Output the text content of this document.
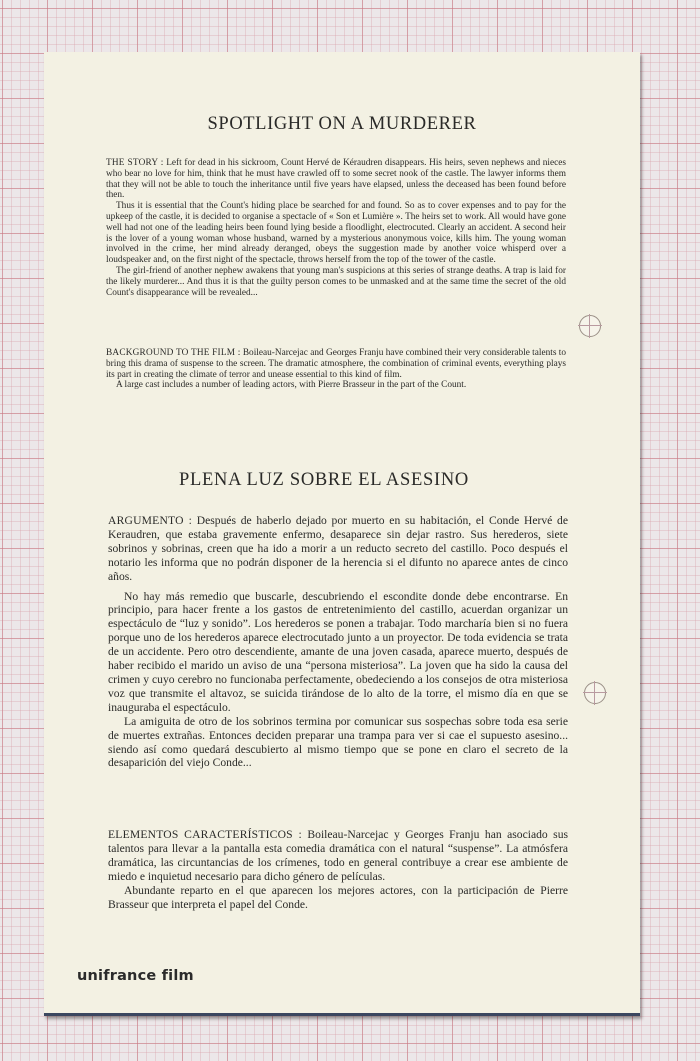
SPOTLIGHT ON A MURDERER

THE STORY : Left for dead in his sickroom, Count Hervé de Kéraudren disappears. His heirs, seven nephews and nieces who bear no love for him, think that he must have crawled off to some secret nook of the castle. The lawyer informs them that they will not be able to touch the inheritance until five years have elapsed, unless the deceased has been found before then.

Thus it is essential that the Count's hiding place be searched for and found. So as to cover expenses and to pay for the upkeep of the castle, it is decided to organise a spectacle of « Son et Lumière ». The heirs set to work. All would have gone well had not one of the leading heirs been found lying beside a floodlight, electrocuted. Clearly an accident. A second heir is the lover of a young woman whose husband, warned by a mysterious anonymous voice, kills him. The young woman involved in the crime, her mind already deranged, obeys the suggestion made by another voice whisperd over a loudspeaker and, on the first night of the spectacle, throws herself from the top of the tower of the castle.

The girl-friend of another nephew awakens that young man's suspicions at this series of strange deaths. A trap is laid for the likely murderer... And thus it is that the guilty person comes to be unmasked and at the same time the secret of the old Count's disappearance will be revealed...

BACKGROUND TO THE FILM : Boileau-Narcejac and Georges Franju have combined their very considerable talents to bring this drama of suspense to the screen. The dramatic atmosphere, the combination of criminal events, everything plays its part in creating the climate of terror and unease essential to this kind of film.

A large cast includes a number of leading actors, with Pierre Brasseur in the part of the Count.

PLENA LUZ SOBRE EL ASESINO

ARGUMENTO : Después de haberlo dejado por muerto en su habitación, el Conde Hervé de Keraudren, que estaba gravemente enfermo, desaparece sin dejar rastro. Sus herederos, siete sobrinos y sobrinas, creen que ha ido a morir a un reducto secreto del castillo. Poco después el notario les informa que no podrán disponer de la herencia si el difunto no aparece antes de cinco años.

No hay más remedio que buscarle, descubriendo el escondite donde debe encontrarse. En principio, para hacer frente a los gastos de entretenimiento del castillo, acuerdan organizar un espectáculo de “luz y sonido”. Los herederos se ponen a trabajar. Todo marcharía bien si no fuera porque uno de los herederos aparece electrocutado junto a un proyector. De toda evidencia se trata de un accidente. Pero otro descendiente, amante de una joven casada, aparece muerto, después de haber recibido el marido un aviso de una “persona misteriosa”. La joven que ha sido la causa del crimen y cuyo cerebro no funcionaba perfectamente, obedeciendo a los consejos de otra misteriosa voz que transmite el altavoz, se suicida tirándose de lo alto de la torre, el mismo día en que se inauguraba el espectáculo.

La amiguita de otro de los sobrinos termina por comunicar sus sospechas sobre toda esa serie de muertes extrañas. Entonces deciden preparar una trampa para ver si cae el supuesto asesino... siendo así como quedará descubierto al mismo tiempo que se pone en claro el secreto de la desaparición del viejo Conde...

ELEMENTOS CARACTERÍSTICOS : Boileau-Narcejac y Georges Franju han asociado sus talentos para llevar a la pantalla esta comedia dramática con el natural “suspense”. La atmósfera dramática, las circuntancias de los crímenes, todo en general contribuye a crear ese ambiente de miedo e inquietud necesario para dicho género de películas.

Abundante reparto en el que aparecen los mejores actores, con la participación de Pierre Brasseur que interpreta el papel del Conde.

unifrance film
